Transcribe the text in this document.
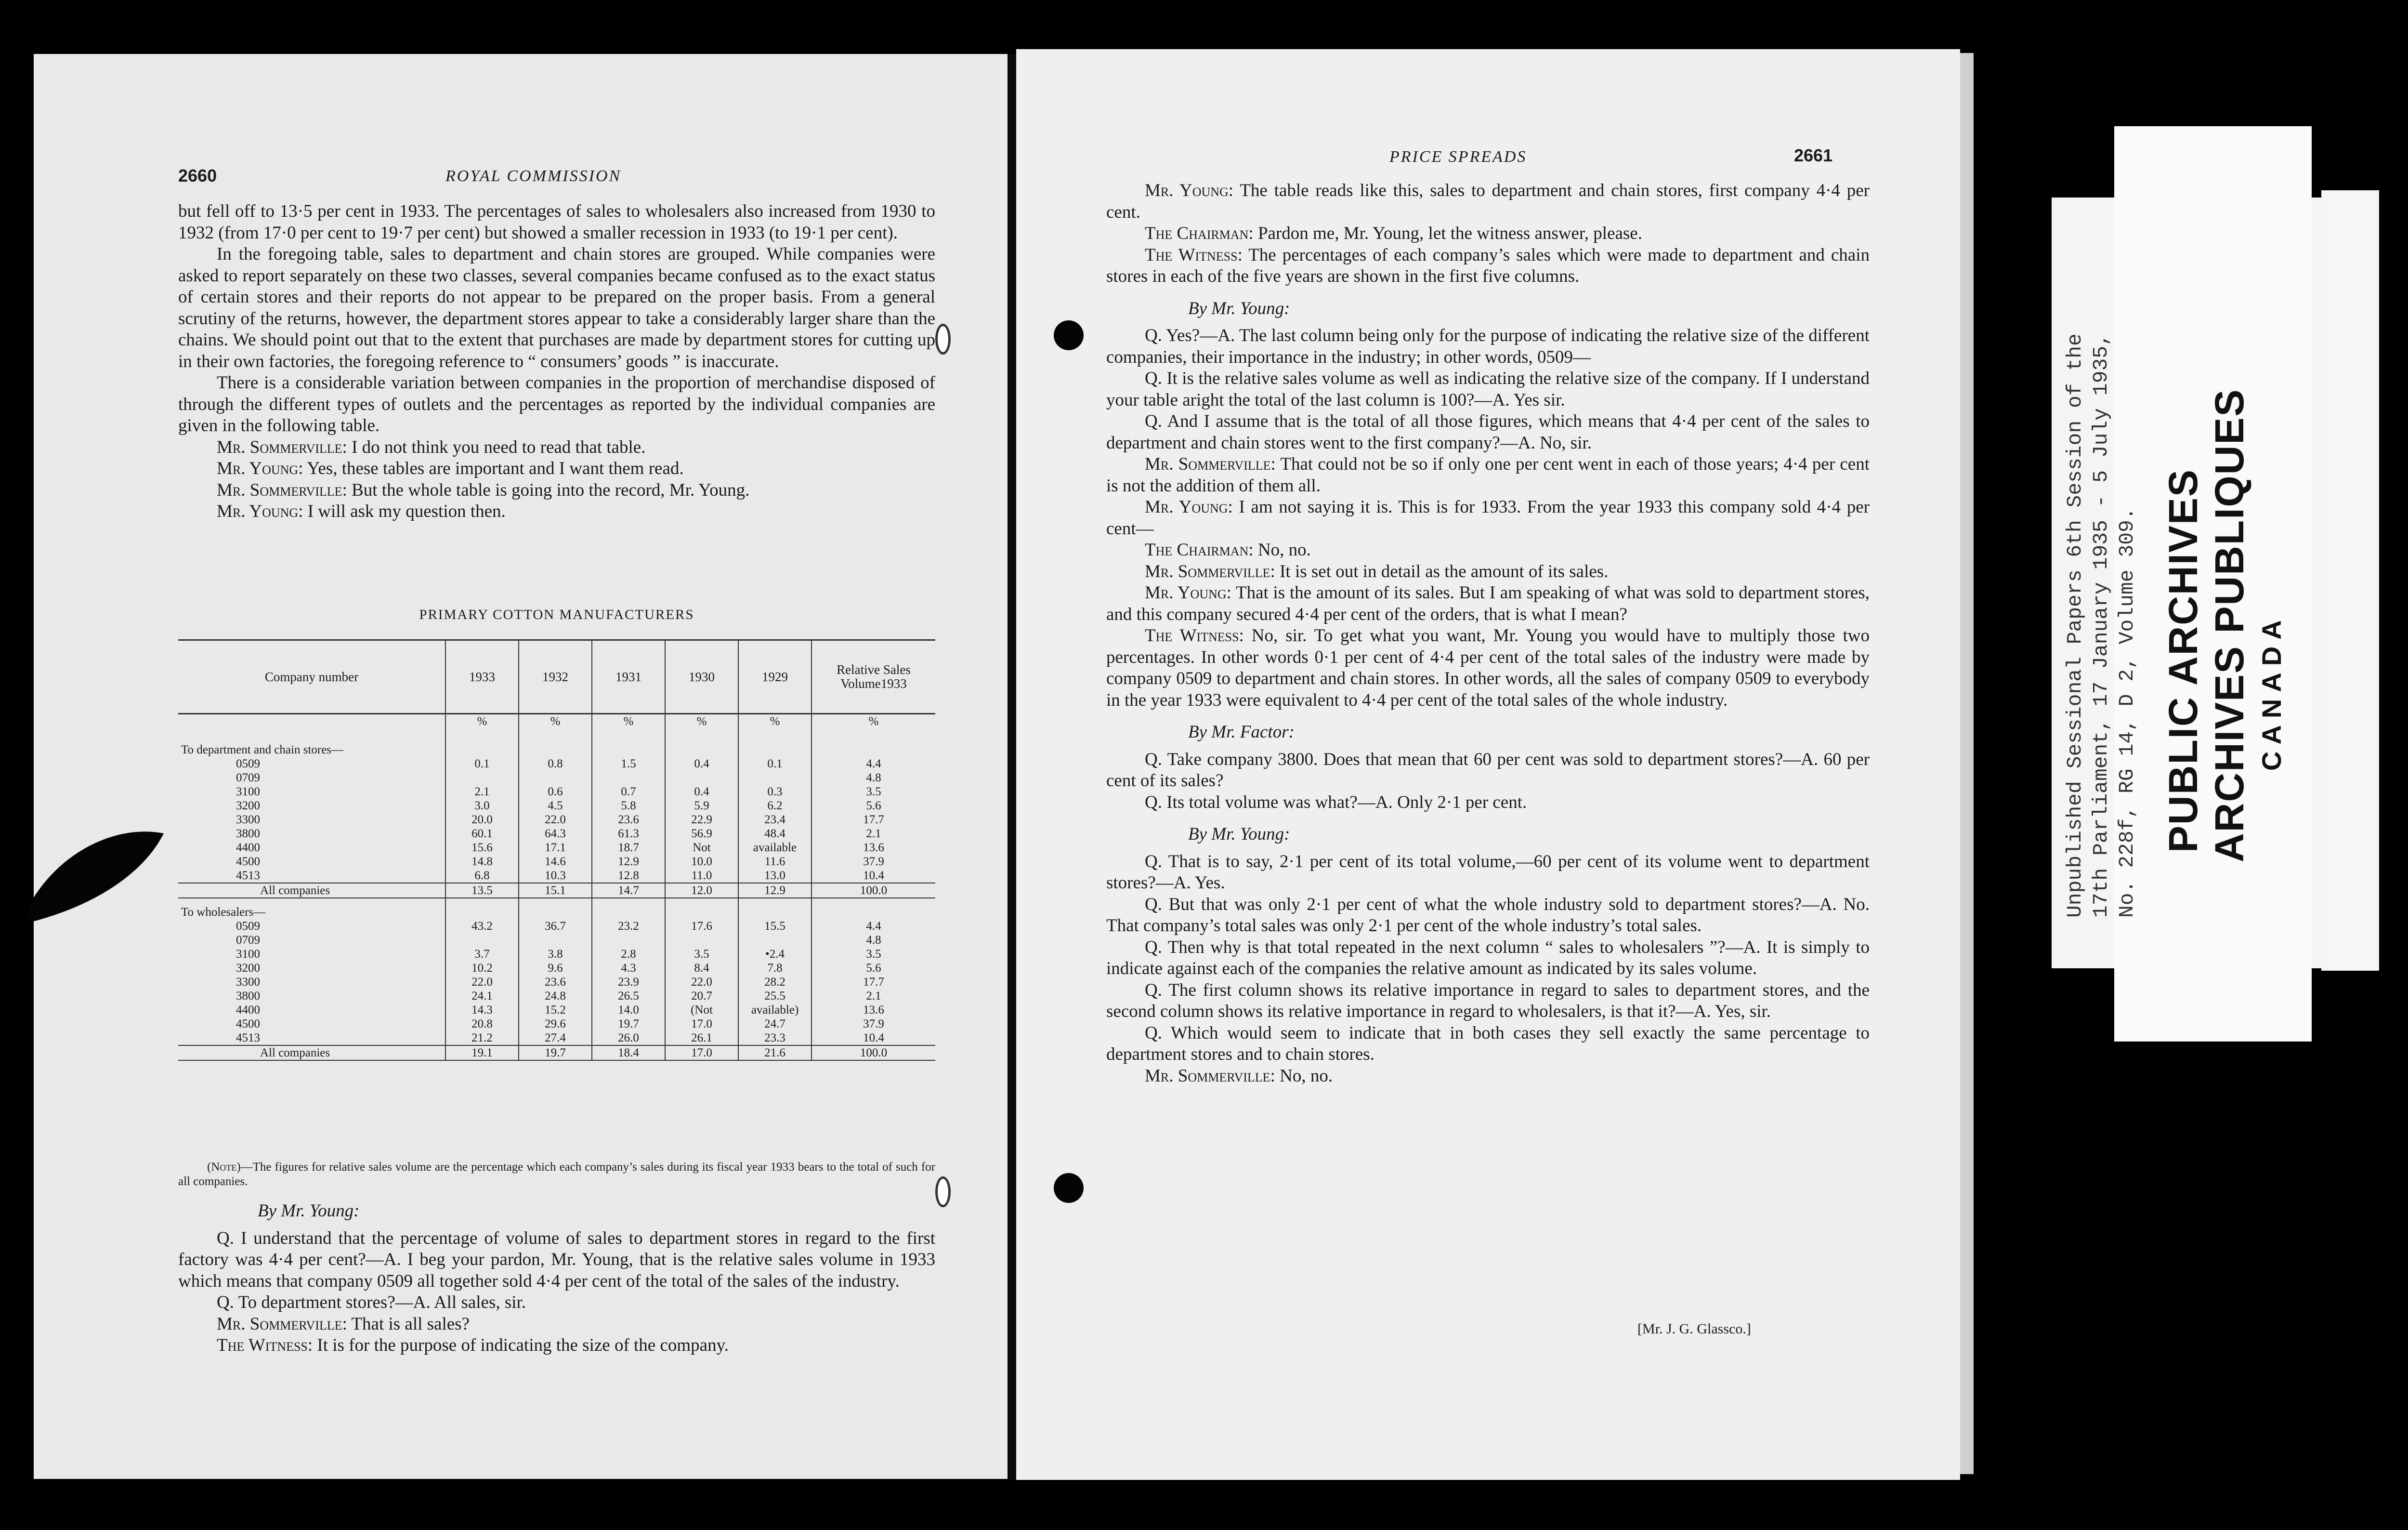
2660	ROYAL COMMISSION

but fell off to 13·5 per cent in 1933. The percentages of sales to wholesalers also increased from 1930 to 1932 (from 17·0 per cent to 19·7 per cent) but showed a smaller recession in 1933 (to 19·1 per cent).

In the foregoing table, sales to department and chain stores are grouped. While companies were asked to report separately on these two classes, several companies became confused as to the exact status of certain stores and their reports do not appear to be prepared on the proper basis. From a general scrutiny of the returns, however, the department stores appear to take a considerably larger share than the chains. We should point out that to the extent that purchases are made by department stores for cutting up in their own factories, the foregoing reference to “ consumers’ goods ” is inaccurate.

There is a considerable variation between companies in the proportion of merchandise disposed of through the different types of outlets and the percentages as reported by the individual companies are given in the following table.

Mr. Sommerville: I do not think you need to read that table.

Mr. Young: Yes, these tables are important and I want them read.

Mr. Sommerville: But the whole table is going into the record, Mr. Young.

Mr. Young: I will ask my question then.

PRIMARY COTTON MANUFACTURERS
Company number	1933	1932	1931	1930	1929	Relative Sales Volume1933
	%	%	%	%	%	%
To department and chain stores—						
0509	0.1	0.8	1.5	0.4	0.1	4.4
0709						4.8
3100	2.1	0.6	0.7	0.4	0.3	3.5
3200	3.0	4.5	5.8	5.9	6.2	5.6
3300	20.0	22.0	23.6	22.9	23.4	17.7
3800	60.1	64.3	61.3	56.9	48.4	2.1
4400	15.6	17.1	18.7	Not	available	13.6
4500	14.8	14.6	12.9	10.0	11.6	37.9
4513	6.8	10.3	12.8	11.0	13.0	10.4
All companies	13.5	15.1	14.7	12.0	12.9	100.0
To wholesalers—						
0509	43.2	36.7	23.2	17.6	15.5	4.4
0709						4.8
3100	3.7	3.8	2.8	3.5	•2.4	3.5
3200	10.2	9.6	4.3	8.4	7.8	5.6
3300	22.0	23.6	23.9	22.0	28.2	17.7
3800	24.1	24.8	26.5	20.7	25.5	2.1
4400	14.3	15.2	14.0	(Not	available)	13.6
4500	20.8	29.6	19.7	17.0	24.7	37.9
4513	21.2	27.4	26.0	26.1	23.3	10.4
All companies	19.1	19.7	18.4	17.0	21.6	100.0
(Note)—The figures for relative sales volume are the percentage which each company’s sales during its fiscal year 1933 bears to the total of such for all companies.

By Mr. Young:

Q. I understand that the percentage of volume of sales to department stores in regard to the first factory was 4·4 per cent?—A. I beg your pardon, Mr. Young, that is the relative sales volume in 1933 which means that company 0509 all together sold 4·4 per cent of the total of the sales of the industry.

Q. To department stores?—A. All sales, sir.

Mr. Sommerville: That is all sales?

The Witness: It is for the purpose of indicating the size of the company.

PRICE SPREADS	2661

Mr. Young: The table reads like this, sales to department and chain stores, first company 4·4 per cent.

The Chairman: Pardon me, Mr. Young, let the witness answer, please.

The Witness: The percentages of each company’s sales which were made to department and chain stores in each of the five years are shown in the first five columns.

By Mr. Young:

Q. Yes?—A. The last column being only for the purpose of indicating the relative size of the different companies, their importance in the industry; in other words, 0509—

Q. It is the relative sales volume as well as indicating the relative size of the company. If I understand your table aright the total of the last column is 100?—A. Yes sir.

Q. And I assume that is the total of all those figures, which means that 4·4 per cent of the sales to department and chain stores went to the first company?—A. No, sir.

Mr. Sommerville: That could not be so if only one per cent went in each of those years; 4·4 per cent is not the addition of them all.

Mr. Young: I am not saying it is. This is for 1933. From the year 1933 this company sold 4·4 per cent—

The Chairman: No, no.

Mr. Sommerville: It is set out in detail as the amount of its sales.

Mr. Young: That is the amount of its sales. But I am speaking of what was sold to department stores, and this company secured 4·4 per cent of the orders, that is what I mean?

The Witness: No, sir. To get what you want, Mr. Young you would have to multiply those two percentages. In other words 0·1 per cent of 4·4 per cent of the total sales of the industry were made by company 0509 to department and chain stores. In other words, all the sales of company 0509 to everybody in the year 1933 were equivalent to 4·4 per cent of the total sales of the whole industry.

By Mr. Factor:

Q. Take company 3800. Does that mean that 60 per cent was sold to department stores?—A. 60 per cent of its sales?

Q. Its total volume was what?—A. Only 2·1 per cent.

By Mr. Young:

Q. That is to say, 2·1 per cent of its total volume,—60 per cent of its volume went to department stores?—A. Yes.

Q. But that was only 2·1 per cent of what the whole industry sold to department stores?—A. No. That company’s total sales was only 2·1 per cent of the whole industry’s total sales.

Q. Then why is that total repeated in the next column “ sales to wholesalers ”?—A. It is simply to indicate against each of the companies the relative amount as indicated by its sales volume.

Q. The first column shows its relative importance in regard to sales to department stores, and the second column shows its relative importance in regard to wholesalers, is that it?—A. Yes, sir.

Q. Which would seem to indicate that in both cases they sell exactly the same percentage to department stores and to chain stores.

Mr. Sommerville: No, no.

[Mr. J. G. Glassco.]
Unpublished Sessional Papers 6th Session of the 17th Parliament, 17 January 1935 - 5 July 1935, No. 228f, RG 14, D 2, Volume 309. PUBLIC ARCHIVES ARCHIVES PUBLIQUES CANADA
